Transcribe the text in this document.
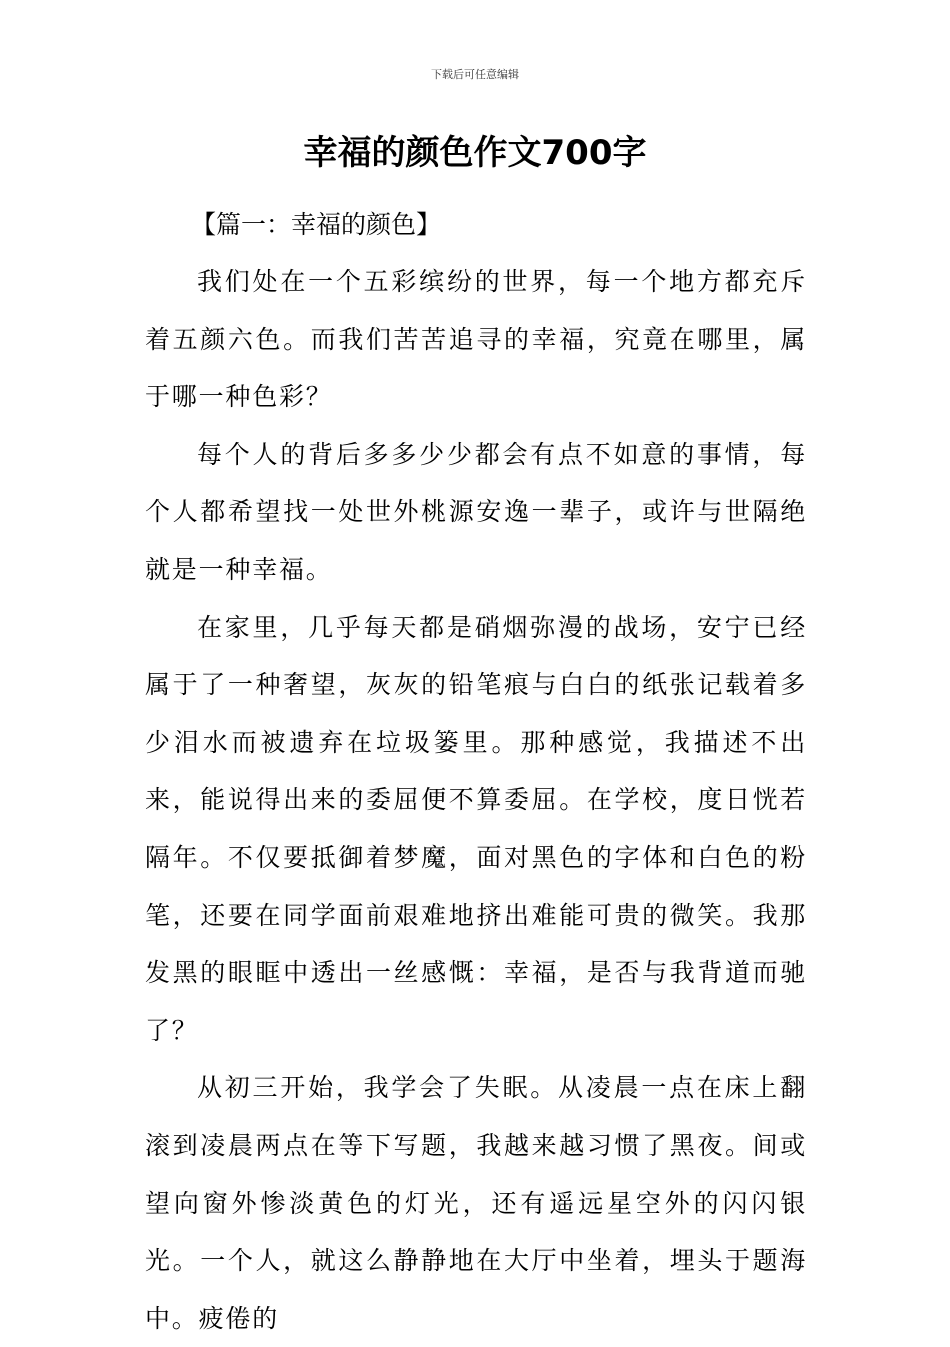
下载后可任意编辑
幸福的颜色作文700字

【篇一：幸福的颜色】

我们处在一个五彩缤纷的世界，每一个地方都充斥着五颜六色。而我们苦苦追寻的幸福，究竟在哪里，属于哪一种色彩？

每个人的背后多多少少都会有点不如意的事情，每个人都希望找一处世外桃源安逸一辈子，或许与世隔绝就是一种幸福。

在家里，几乎每天都是硝烟弥漫的战场，安宁已经属于了一种奢望，灰灰的铅笔痕与白白的纸张记载着多少泪水而被遗弃在垃圾篓里。那种感觉，我描述不出来，能说得出来的委屈便不算委屈。在学校，度日恍若隔年。不仅要抵御着梦魔，面对黑色的字体和白色的粉笔，还要在同学面前艰难地挤出难能可贵的微笑。我那发黑的眼眶中透出一丝感慨：幸福，是否与我背道而驰了？

从初三开始，我学会了失眠。从凌晨一点在床上翻滚到凌晨两点在等下写题，我越来越习惯了黑夜。间或望向窗外惨淡黄色的灯光，还有遥远星空外的闪闪银光。一个人，就这么静静地在大厅中坐着，埋头于题海中。疲倦的
